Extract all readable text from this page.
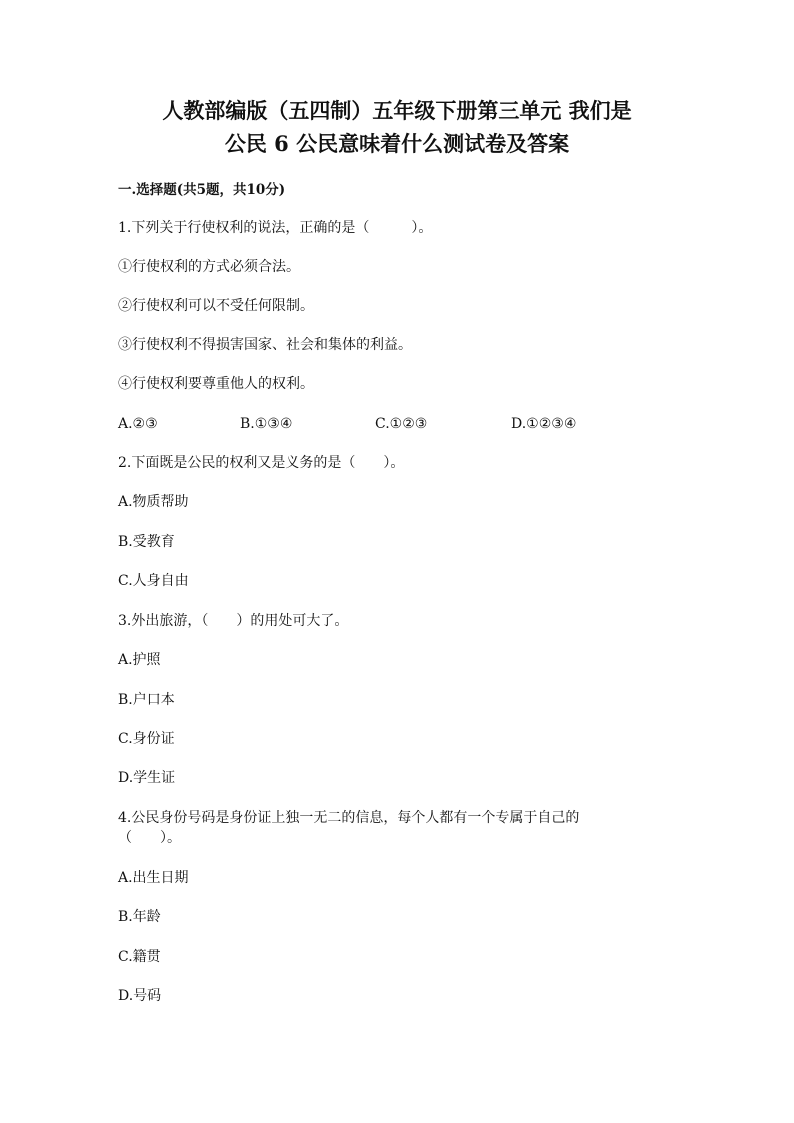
人教部编版（五四制）五年级下册第三单元 我们是
公民 6 公民意味着什么测试卷及答案
一.选择题(共5题，共10分)
1.下列关于行使权利的说法，正确的是（　　　）。
①行使权利的方式必须合法。
②行使权利可以不受任何限制。
③行使权利不得损害国家、社会和集体的利益。
④行使权利要尊重他人的权利。
A.②③	B.①③④	C.①②③	D.①②③④
2.下面既是公民的权利又是义务的是（　　）。
A.物质帮助
B.受教育
C.人身自由
3.外出旅游，（　　）的用处可大了。
A.护照
B.户口本
C.身份证
D.学生证
4.公民身份号码是身份证上独一无二的信息，每个人都有一个专属于自己的
（　　）。
A.出生日期
B.年龄
C.籍贯
D.号码
